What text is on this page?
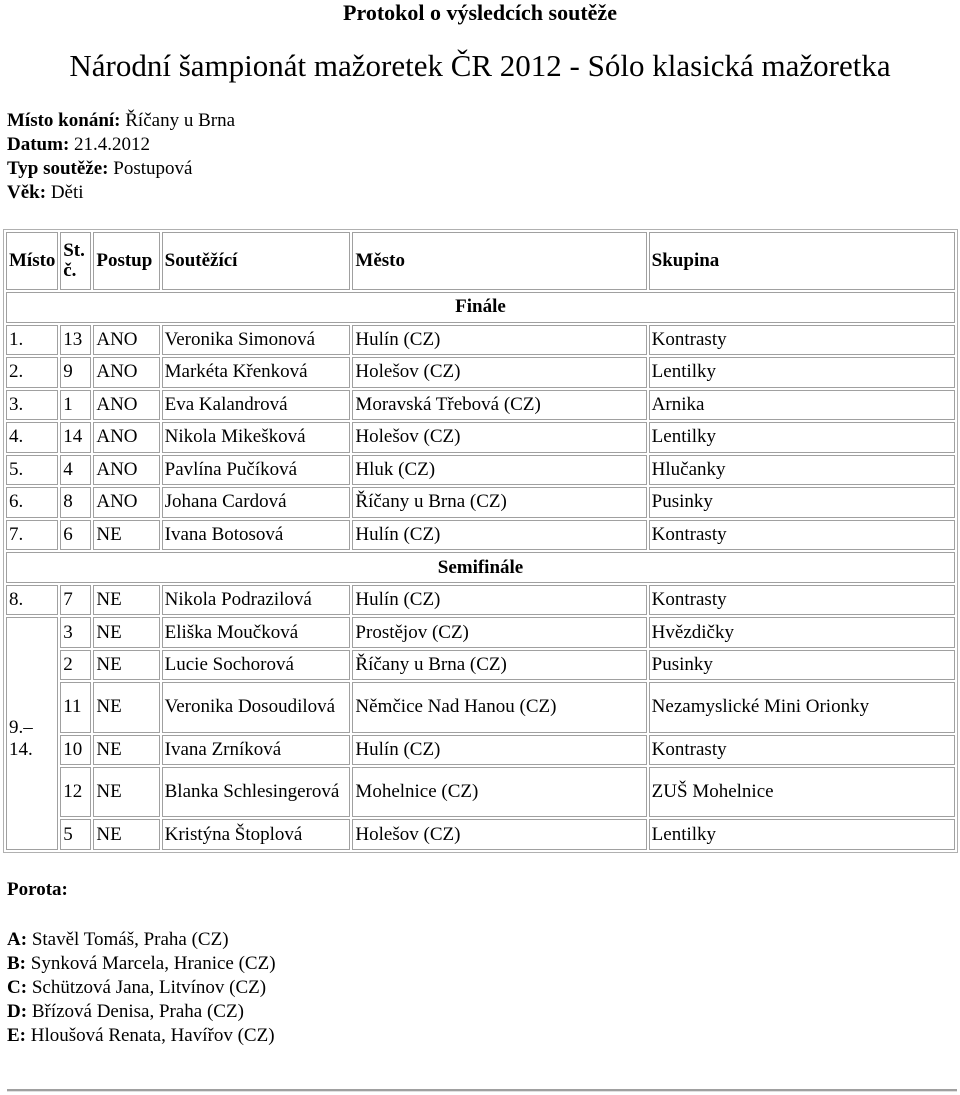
Protokol o výsledcích soutěže
Národní šampionát mažoretek ČR 2012 - Sólo klasická mažoretka
Místo konání: Říčany u Brna
Datum: 21.4.2012
Typ soutěže: Postupová
Věk: Děti
Místo	St. č.	Postup	Soutěžící	Město	Skupina
Finále					
1.	13	ANO	Veronika Simonová	Hulín (CZ)	Kontrasty
2.	9	ANO	Markéta Křenková	Holešov (CZ)	Lentilky
3.	1	ANO	Eva Kalandrová	Moravská Třebová (CZ)	Arnika
4.	14	ANO	Nikola Mikešková	Holešov (CZ)	Lentilky
5.	4	ANO	Pavlína Pučíková	Hluk (CZ)	Hlučanky
6.	8	ANO	Johana Cardová	Říčany u Brna (CZ)	Pusinky
7.	6	NE	Ivana Botosová	Hulín (CZ)	Kontrasty
Semifinále					
8.	7	NE	Nikola Podrazilová	Hulín (CZ)	Kontrasty
9.– 14.	3	NE	Eliška Moučková	Prostějov (CZ)	Hvězdičky
	2	NE	Lucie Sochorová	Říčany u Brna (CZ)	Pusinky
	11	NE	Veronika Dosoudilová	Němčice Nad Hanou (CZ)	Nezamyslické Mini Orionky
	10	NE	Ivana Zrníková	Hulín (CZ)	Kontrasty
	12	NE	Blanka Schlesingerová	Mohelnice (CZ)	ZUŠ Mohelnice
	5	NE	Kristýna Štoplová	Holešov (CZ)	Lentilky
Porota:
A: Stavěl Tomáš, Praha (CZ)
B: Synková Marcela, Hranice (CZ)
C: Schützová Jana, Litvínov (CZ)
D: Břízová Denisa, Praha (CZ)
E: Hloušová Renata, Havířov (CZ)
